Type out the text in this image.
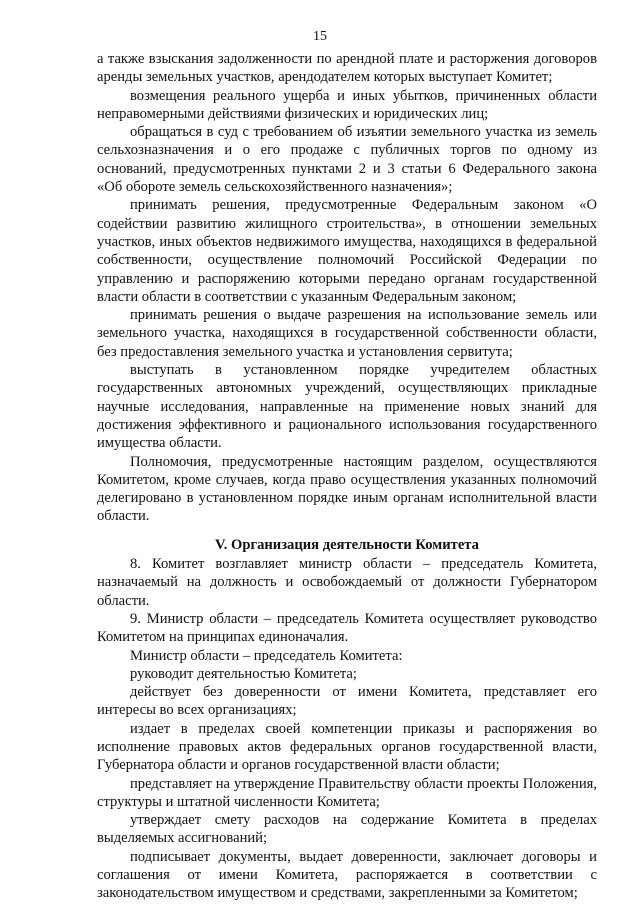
15

а также взыскания задолженности по арендной плате и расторжения договоров аренды земельных участков, арендодателем которых выступает Комитет;

возмещения реального ущерба и иных убытков, причиненных области неправомерными действиями физических и юридических лиц;

обращаться в суд с требованием об изъятии земельного участка из земель сельхозназначения и о его продаже с публичных торгов по одному из оснований, предусмотренных пунктами 2 и 3 статьи 6 Федерального закона «Об обороте земель сельскохозяйственного назначения»;

принимать решения, предусмотренные Федеральным законом «О содействии развитию жилищного строительства», в отношении земельных участков, иных объектов недвижимого имущества, находящихся в федеральной собственности, осуществление полномочий Российской Федерации по управлению и распоряжению которыми передано органам государственной власти области в соответствии с указанным Федеральным законом;

принимать решения о выдаче разрешения на использование земель или земельного участка, находящихся в государственной собственности области, без предоставления земельного участка и установления сервитута;

выступать в установленном порядке учредителем областных государственных автономных учреждений, осуществляющих прикладные научные исследования, направленные на применение новых знаний для достижения эффективного и рационального использования государственного имущества области.

Полномочия, предусмотренные настоящим разделом, осуществляются Комитетом, кроме случаев, когда право осуществления указанных полномочий делегировано в установленном порядке иным органам исполнительной власти области.

V. Организация деятельности Комитета

8. Комитет возглавляет министр области – председатель Комитета, назначаемый на должность и освобождаемый от должности Губернатором области.

9. Министр области – председатель Комитета осуществляет руководство Комитетом на принципах единоначалия.

Министр области – председатель Комитета:

руководит деятельностью Комитета;

действует без доверенности от имени Комитета, представляет его интересы во всех организациях;

издает в пределах своей компетенции приказы и распоряжения во исполнение правовых актов федеральных органов государственной власти, Губернатора области и органов государственной власти области;

представляет на утверждение Правительству области проекты Положения, структуры и штатной численности Комитета;

утверждает смету расходов на содержание Комитета в пределах выделяемых ассигнований;

подписывает документы, выдает доверенности, заключает договоры и соглашения от имени Комитета, распоряжается в соответствии с законодательством имуществом и средствами, закрепленными за Комитетом;
